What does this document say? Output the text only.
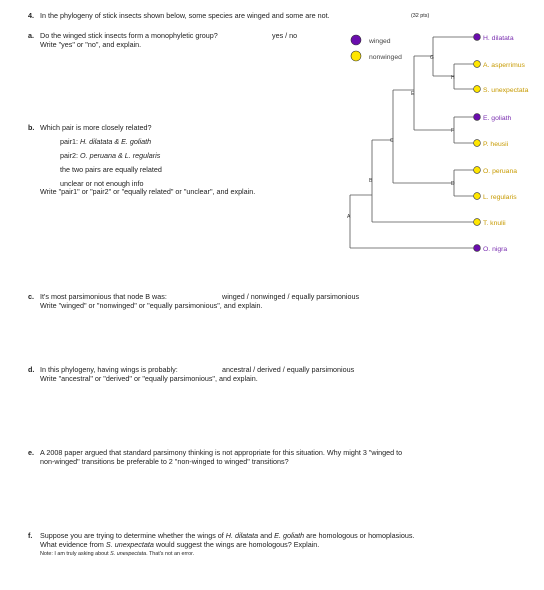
4. In the phylogeny of stick insects shown below, some species are winged and some are not.	(32 pts)
a. Do the winged stick insects form a monophyletic group?	yes / no
Write "yes" or "no", and explain.
b. Which pair is more closely related?
pair1: H. dilatata & E. goliath
pair2: O. peruana & L. regularis
the two pairs are equally related
unclear or not enough info
Write "pair1" or "pair2" or "equally related" or "unclear", and explain.
c. It's most parsimonious that node B was:	winged / nonwinged / equally parsimonious
Write "winged" or "nonwinged" or "equally parsimonious", and explain.
d. In this phylogeny, having wings is probably:	ancestral / derived / equally parsimonious
Write "ancestral" or "derived" or "equally parsimonious", and explain.
e. A 2008 paper argued that standard parsimony thinking is not appropriate for this situation. Why might 3 "winged to
non-winged" transitions be preferable to 2 "non-winged to winged" transitions?
f. Suppose you are trying to determine whether the wings of H. dilatata and E. goliath are homologous or homoplasious.
What evidence from S. unexpectata would suggest the wings are homologous? Explain.
Note: I am truly asking about S. unexpectata. That's not an error.
winged
nonwinged
A
B
C
D
E
F
G
H
H. dilatata
A. asperrimus
S. unexpectata
E. goliath
P. heusii
O. peruana
L. regularis
T. knulii
O. nigra
